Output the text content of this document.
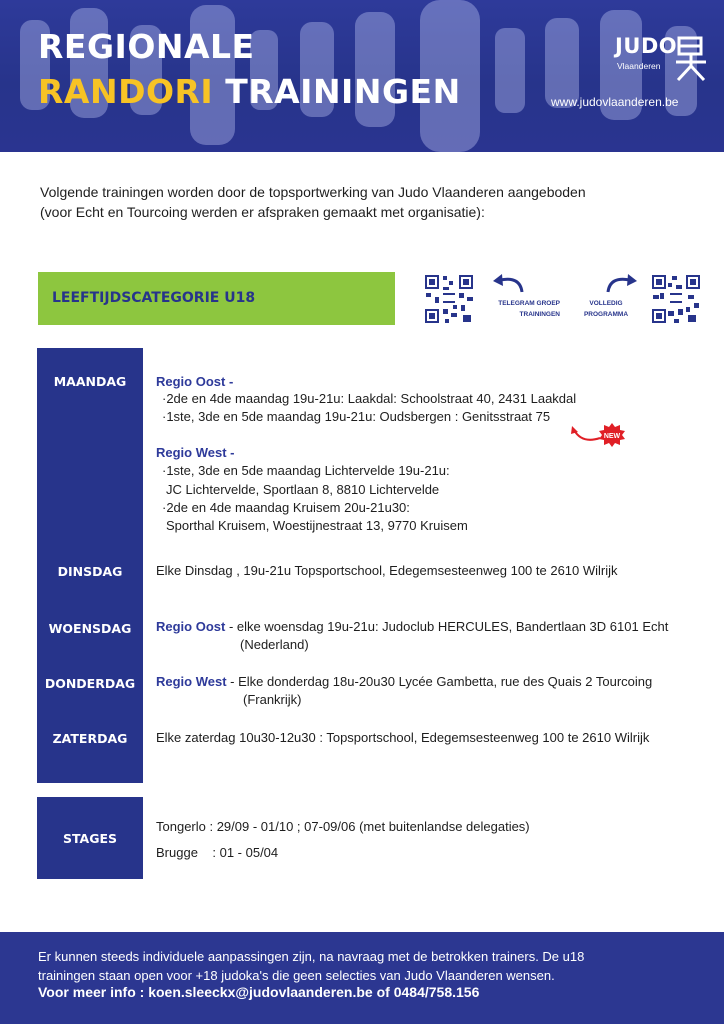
REGIONALE
RANDORI TRAININGEN
JUDO
Vlaanderen
www.judovlaanderen.be
Volgende trainingen worden door de topsportwerking van Judo Vlaanderen aangeboden
(voor Echt en Tourcoing werden er afspraken gemaakt met organisatie):
LEEFTIJDSCATEGORIE U18	TELEGRAM GROEP
TRAININGEN
VOLLEDIG
PROGRAMMA
MAANDAG
DINSDAG
WOENSDAG
DONDERDAG
ZATERDAG
STAGES
Regio Oost -
·2de en 4de maandag 19u-21u: Laakdal: Schoolstraat 40, 2431 Laakdal
·1ste, 3de en 5de maandag 19u-21u: Oudsbergen : Genitsstraat 75
NEW
Regio West -
·1ste, 3de en 5de maandag Lichtervelde 19u-21u:
JC Lichtervelde, Sportlaan 8, 8810 Lichtervelde
·2de en 4de maandag Kruisem 20u-21u30:
Sporthal Kruisem, Woestijnestraat 13, 9770 Kruisem
Elke Dinsdag , 19u-21u Topsportschool, Edegemsesteenweg 100 te 2610 Wilrijk
Regio Oost - elke woensdag 19u-21u: Judoclub HERCULES, Bandertlaan 3D 6101 Echt
(Nederland)
Regio West - Elke donderdag 18u-20u30 Lycée Gambetta, rue des Quais 2 Tourcoing
(Frankrijk)
Elke zaterdag 10u30-12u30 : Topsportschool, Edegemsesteenweg 100 te 2610 Wilrijk
Tongerlo : 29/09 - 01/10 ; 07-09/06 (met buitenlandse delegaties)
Brugge    : 01 - 05/04
Er kunnen steeds individuele aanpassingen zijn, na navraag met de betrokken trainers. De u18
trainingen staan open voor +18 judoka's die geen selecties van Judo Vlaanderen wensen.
Voor meer info : koen.sleeckx@judovlaanderen.be of 0484/758.156
